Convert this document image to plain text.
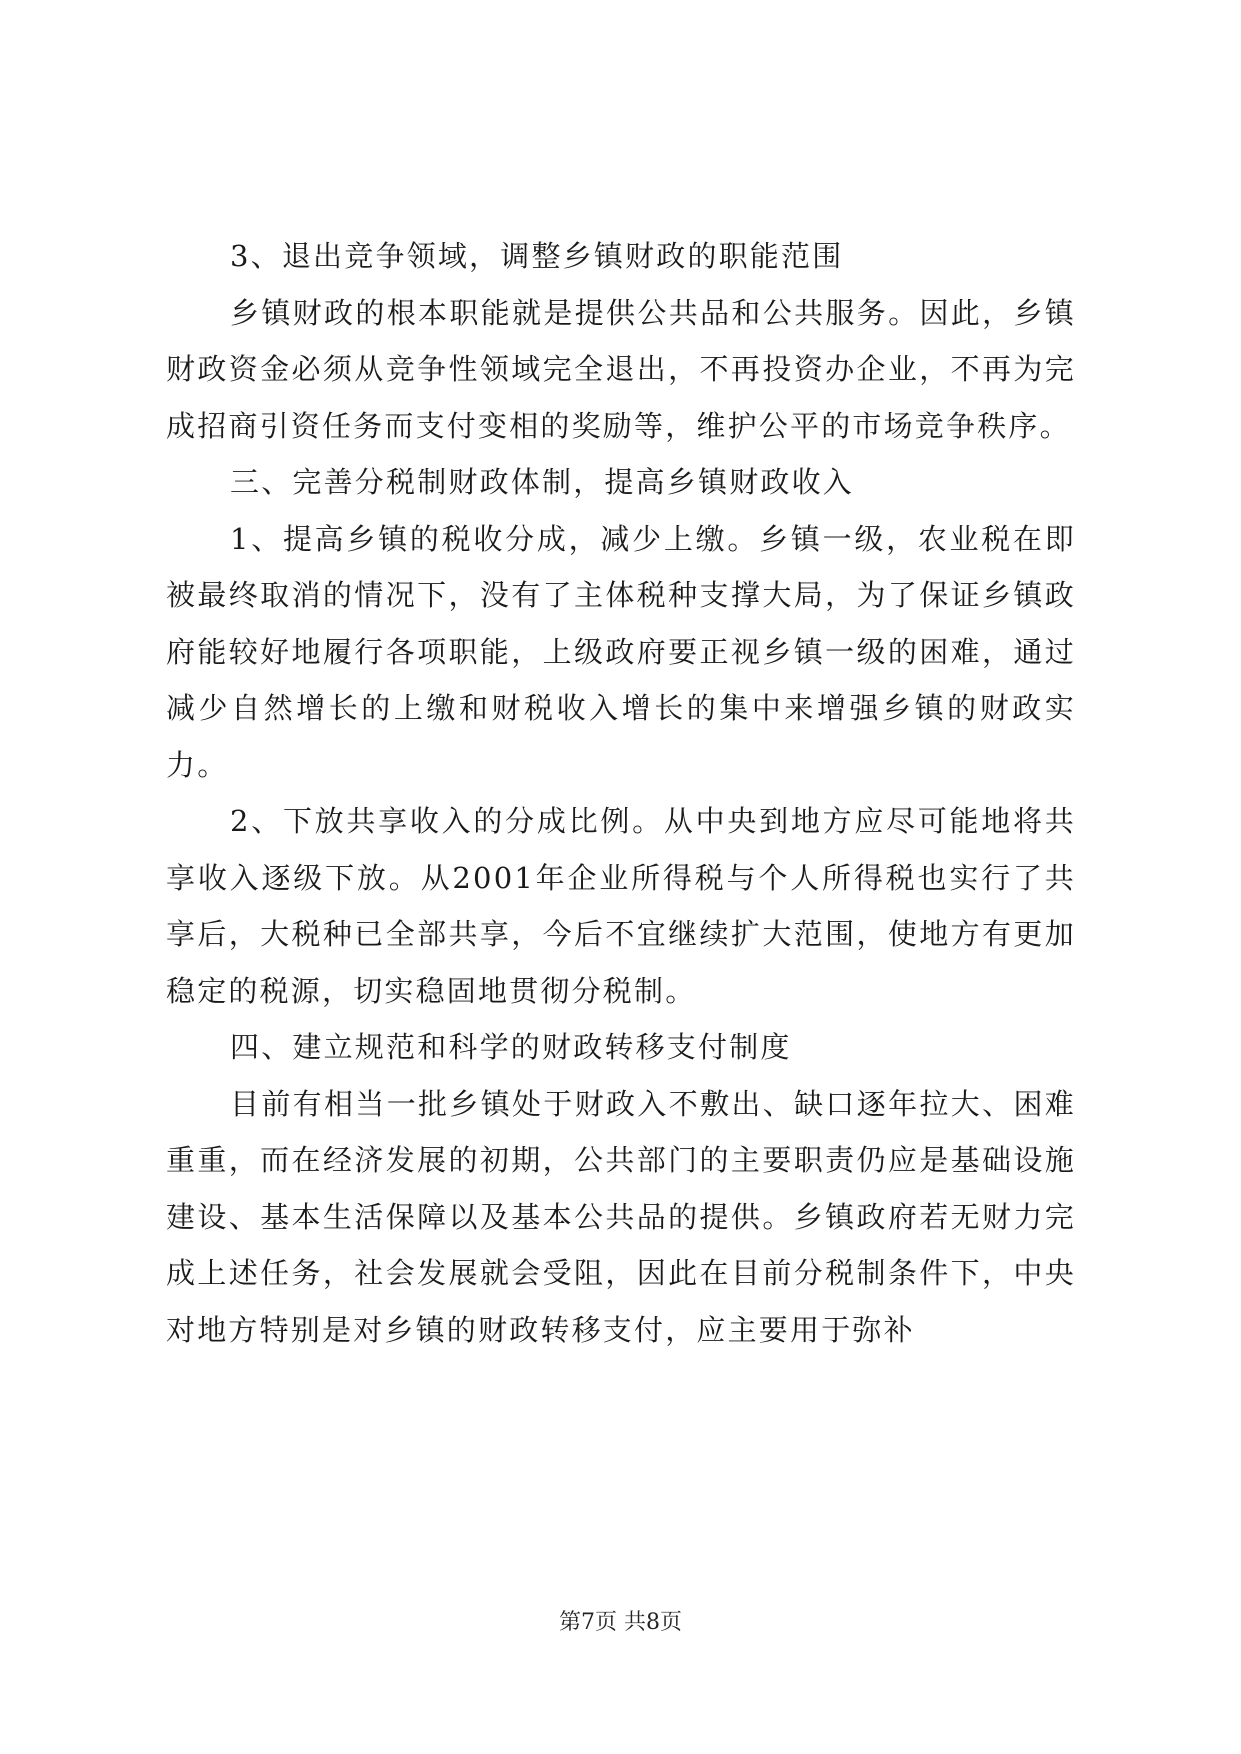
3、退出竞争领域，调整乡镇财政的职能范围

乡镇财政的根本职能就是提供公共品和公共服务。因此，乡镇财政资金必须从竞争性领域完全退出，不再投资办企业，不再为完成招商引资任务而支付变相的奖励等，维护公平的市场竞争秩序。

三、完善分税制财政体制，提高乡镇财政收入

1、提高乡镇的税收分成，减少上缴。乡镇一级，农业税在即被最终取消的情况下，没有了主体税种支撑大局，为了保证乡镇政府能较好地履行各项职能，上级政府要正视乡镇一级的困难，通过减少自然增长的上缴和财税收入增长的集中来增强乡镇的财政实力。

2、下放共享收入的分成比例。从中央到地方应尽可能地将共享收入逐级下放。从2001年企业所得税与个人所得税也实行了共享后，大税种已全部共享，今后不宜继续扩大范围，使地方有更加稳定的税源，切实稳固地贯彻分税制。

四、建立规范和科学的财政转移支付制度

目前有相当一批乡镇处于财政入不敷出、缺口逐年拉大、困难重重，而在经济发展的初期，公共部门的主要职责仍应是基础设施建设、基本生活保障以及基本公共品的提供。乡镇政府若无财力完成上述任务，社会发展就会受阻，因此在目前分税制条件下，中央对地方特别是对乡镇的财政转移支付，应主要用于弥补

第7页 共8页
